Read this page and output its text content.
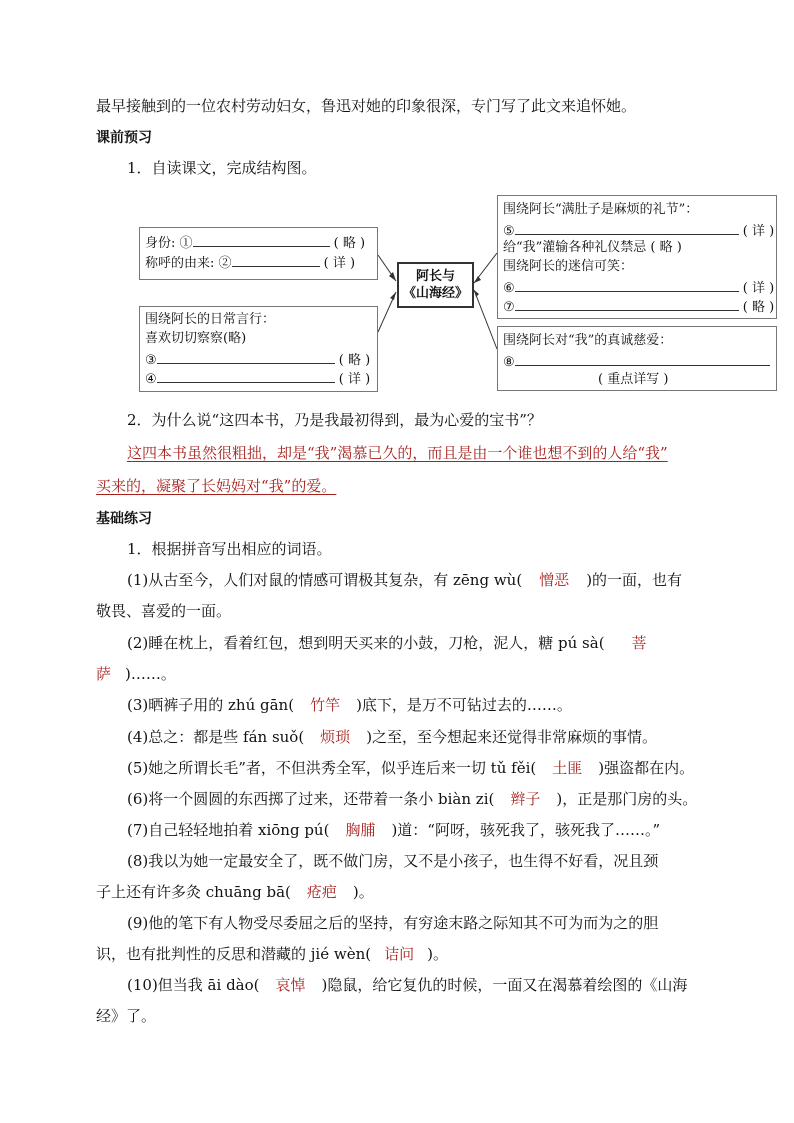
最早接触到的一位农村劳动妇女，鲁迅对她的印象很深，专门写了此文来追怀她。
课前预习
1．自读课文，完成结构图。
身份: ①	( 略 )
称呼的由来: ②	( 详 )
围绕阿长的日常言行：
喜欢切切察察(略)
③	( 略 )
④	( 详 )
阿长与
《山海经》
围绕阿长“满肚子是麻烦的礼节”：
⑤	( 详 )
给“我”灌输各种礼仪禁忌 ( 略 )
围绕阿长的迷信可笑：
⑥	( 详 )
⑦	( 略 )
围绕阿长对“我”的真诚慈爱：
⑧
( 重点详写 )
2．为什么说“这四本书，乃是我最初得到，最为心爱的宝书”？
这四本书虽然很粗拙，却是“我”渴慕已久的，而且是由一个谁也想不到的人给“我”
买来的，凝聚了长妈妈对“我”的爱。
基础练习
1．根据拼音写出相应的词语。
(1)从古至今，人们对鼠的情感可谓极其复杂，有 zēng wù( 憎恶 )的一面，也有
敬畏、喜爱的一面。
(2)睡在枕上，看着红包，想到明天买来的小鼓，刀枪，泥人，糖 pú sà( 菩
萨 )……。
(3)晒裤子用的 zhú gān( 竹竿 )底下，是万不可钻过去的……。
(4)总之：都是些 fán suǒ( 烦琐 )之至，至今想起来还觉得非常麻烦的事情。
(5)她之所谓长毛”者，不但洪秀全军，似乎连后来一切 tǔ fěi( 土匪 )强盗都在内。
(6)将一个圆圆的东西掷了过来，还带着一条小 biàn zi( 辫子 )，正是那门房的头。
(7)自己轻轻地拍着 xiōng pú( 胸脯 )道：“阿呀，骇死我了，骇死我了……。”
(8)我以为她一定最安全了，既不做门房，又不是小孩子，也生得不好看，况且颈
子上还有许多灸 chuāng bā( 疮疤 )。
(9)他的笔下有人物受尽委屈之后的坚持，有穷途末路之际知其不可为而为之的胆
识，也有批判性的反思和潜藏的 jié wèn( 诘问 )。
(10)但当我 āi dào( 哀悼 )隐鼠，给它复仇的时候，一面又在渴慕着绘图的《山海
经》了。
